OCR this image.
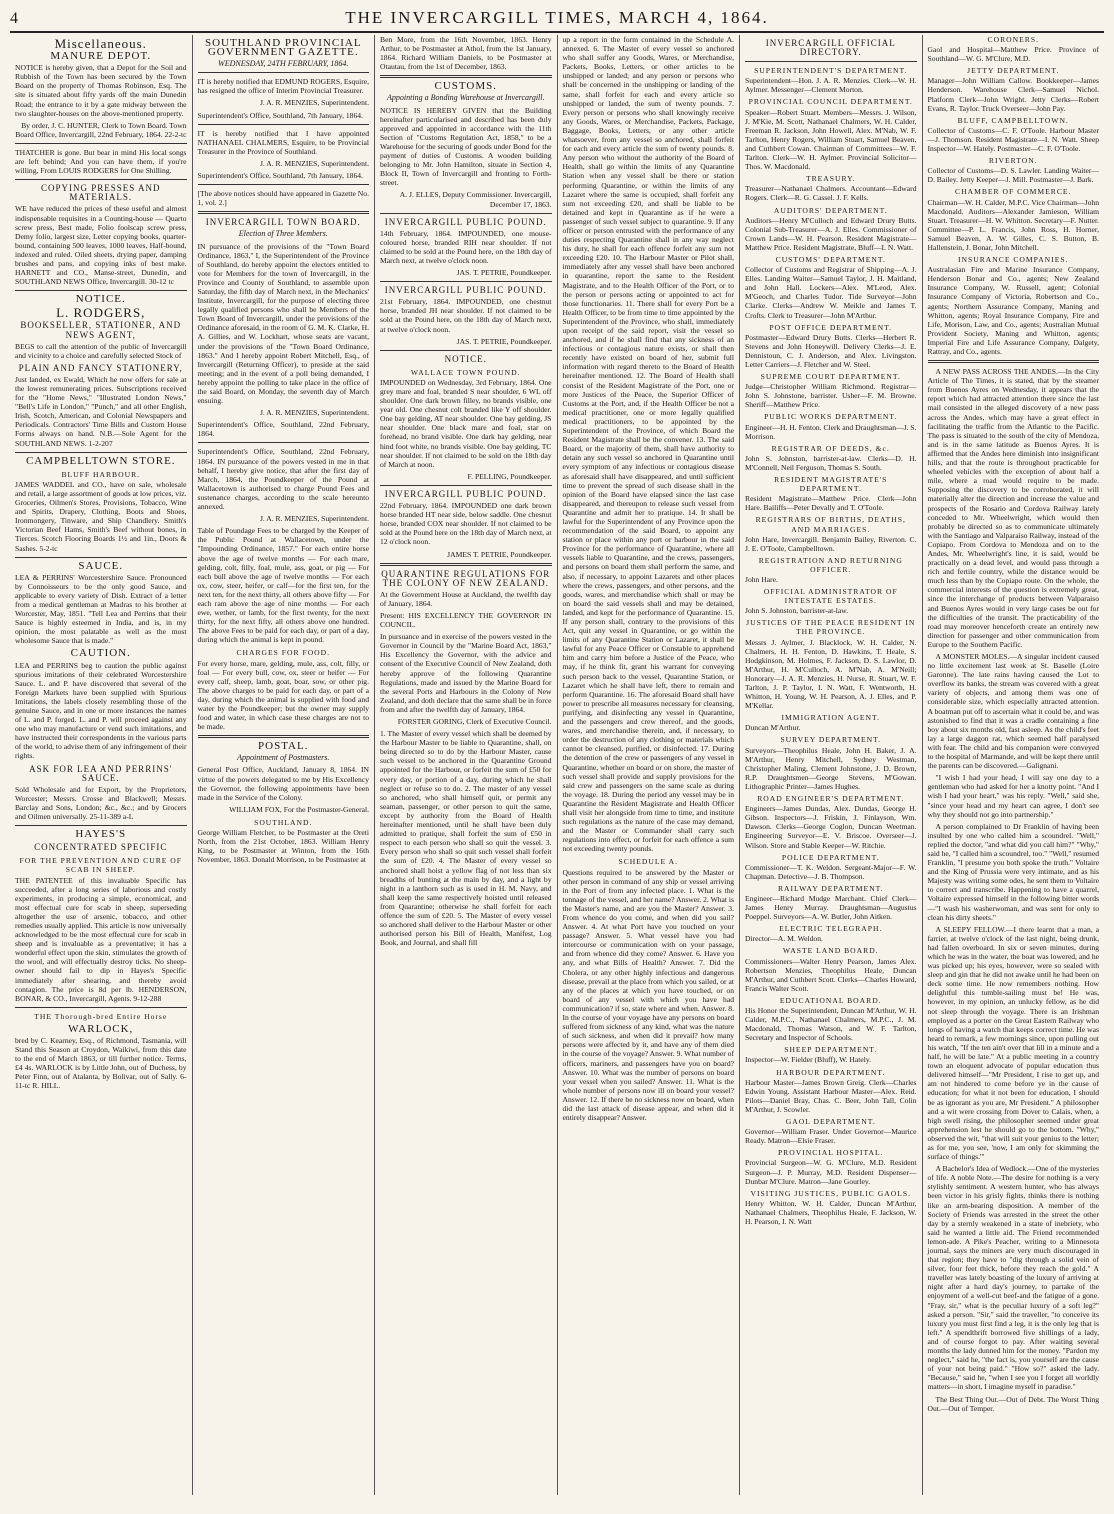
4	THE INVERCARGILL TIMES, MARCH 4, 1864.
Miscellaneous.
MANURE DEPOT.

NOTICE is hereby given, that a Depot for the Soil and Rubbish of the Town has been secured by the Town Board on the property of Thomas Robinson, Esq. The site is situated about fifty yards off the main Dunedin Road; the entrance to it by a gate midway between the two slaughter-houses on the above-mentioned property.

By order, J. C. HUNTER, Clerk to Town Board. Town Board Office, Invercargill, 22nd February, 1864. 22-2-tc

THATCHER is gone. But bear in mind His local songs are left behind; And you can have them, if you're willing, From LOUIS RODGERS for One Shilling.

COPYING PRESSES AND MATERIALS.

WE have reduced the prices of these useful and almost indispensable requisites in a Counting-house — Quarto screw press, Best made, Folio foolscap screw press, Demy folio, largest size, Letter copying books, quarter-bound, containing 500 leaves, 1000 leaves, Half-bound, indexed and ruled. Oiled sheets, drying paper, damping brushes and pans, and copying inks of best make. HARNETT and CO., Manse-street, Dunedin, and SOUTHLAND NEWS Office, Invercargill. 30-12 tc

NOTICE.
L. RODGERS,
BOOKSELLER, STATIONER, AND NEWS AGENT,

BEGS to call the attention of the public of Invercargill and vicinity to a choice and carefully selected Stock of

PLAIN AND FANCY STATIONERY,

Just landed, ex Ewald, Which he now offers for sale at the lowest remunerating prices. Subscriptions received for the "Home News," "Illustrated London News," "Bell's Life in London," "Punch," and all other English, Irish, Scotch, American, and Colonial Newspapers and Periodicals. Contractors' Time Bills and Custom House Forms always on hand. N.B.—Sole Agent for the SOUTHLAND NEWS. 1-2-207

CAMPBELLTOWN STORE.
BLUFF HARBOUR.

JAMES WADDEL and CO., have on sale, wholesale and retail, a large assortment of goods at low prices, viz. Groceries, Oilmen's Stores, Provisions, Tobacco, Wine and Spirits, Drapery, Clothing, Boots and Shoes, Ironmongery, Tinware, and Ship Chandlery. Smith's Victorian Beef Hams, Smith's Beef without bones, in Tierces. Scotch Flooring Boards 1½ and 1in., Doors & Sashes. 5-2-tc

SAUCE.

LEA & PERRINS' Worcestershire Sauce. Pronounced by Connoisseurs to be the only good Sauce, and applicable to every variety of Dish. Extract of a letter from a medical gentleman at Madras to his brother at Worcester, May, 1851. "Tell Lea and Perrins that their Sauce is highly esteemed in India, and is, in my opinion, the most palatable as well as the most wholesome Sauce that is made."

CAUTION.

LEA and PERRINS beg to caution the public against spurious imitations of their celebrated Worcestershire Sauce. L. and P. have discovered that several of the Foreign Markets have been supplied with Spurious Imitations, the labels closely resembling those of the genuine Sauce, and in one or more instances the names of L. and P. forged. L. and P. will proceed against any one who may manufacture or vend such imitations, and have instructed their correspondents in the various parts of the world, to advise them of any infringement of their rights.

ASK FOR LEA AND PERRINS' SAUCE.

Sold Wholesale and for Export, by the Proprietors, Worcester; Messrs. Crosse and Blackwell; Messrs. Barclay and Sons, London; &c., &c.; and by Grocers and Oilmen universally. 25-11-389 a-L

HAYES'S
CONCENTRATED SPECIFIC
FOR THE PREVENTION AND CURE OF SCAB IN SHEEP.

THE PATENTEE of this invaluable Specific has succeeded, after a long series of laborious and costly experiments, in producing a simple, economical, and most effectual cure for scab in sheep, superseding altogether the use of arsenic, tobacco, and other remedies usually applied. This article is now universally acknowledged to be the most effectual cure for scab in sheep and is invaluable as a preventative; it has a wonderful effect upon the skin, stimulates the growth of the wool, and will effectually destroy ticks. No sheep-owner should fail to dip in Hayes's Specific immediately after shearing, and thereby avoid contagion. The price is 8d per lb. HENDERSON, BONAR, & CO., Invercargill, Agents. 9-12-288

THE Thorough-bred Entire Horse
WARLOCK,

bred by C. Kearney, Esq., of Richmond, Tasmania, will Stand this Season at Croydon, Waikiwi, from this date to the end of March 1863, or till further notice. Terms, £4 4s. WARLOCK is by Little John, out of Duchess, by Peter Finn, out of Atalanta, by Bolivar, out of Sally. 6-11-tc R. HILL.

SOUTHLAND PROVINCIAL GOVERNMENT GAZETTE.
WEDNESDAY, 24TH FEBRUARY, 1864.

IT is hereby notified that EDMUND ROGERS, Esquire, has resigned the office of Interim Provincial Treasurer.

J. A. R. MENZIES, Superintendent.

Superintendent's Office, Southland, 7th January, 1864.

IT is hereby notified that I have appointed NATHANAEL CHALMERS, Esquire, to be Provincial Treasurer in the Province of Southland.

J. A. R. MENZIES, Superintendent.

Superintendent's Office, Southland, 7th January, 1864.

[The above notices should have appeared in Gazette No. 1, vol. 2.]

INVERCARGILL TOWN BOARD.
Election of Three Members.

IN pursuance of the provisions of the "Town Board Ordinance, 1863," I, the Superintendent of the Province of Southland, do hereby appoint the electors entitled to vote for Members for the town of Invercargill, in the Province and County of Southland, to assemble upon Saturday, the fifth day of March next, in the Mechanics' Institute, Invercargill, for the purpose of electing three legally qualified persons who shall be Members of the Town Board of Invercargill, under the provisions of the Ordinance aforesaid, in the room of G. M. K. Clarke, H. A. Gillies, and W. Lockhart, whose seats are vacant, under the provisions of the "Town Board Ordinance, 1863." And I hereby appoint Robert Mitchell, Esq., of Invercargill (Returning Officer), to preside at the said meeting; and in the event of a poll being demanded, I hereby appoint the polling to take place in the office of the said Board, on Monday, the seventh day of March ensuing.

J. A. R. MENZIES, Superintendent.

Superintendent's Office, Southland, 22nd February, 1864.

Superintendent's Office, Southland, 22nd February, 1864. IN pursuance of the powers vested in me in that behalf, I hereby give notice, that after the first day of March, 1864, the Poundkeeper of the Pound at Wallacetown is authorised to charge Pound Fees and sustenance charges, according to the scale hereunto annexed.

J. A. R. MENZIES, Superintendent.

Table of Poundage Fees to be charged by the Keeper of the Public Pound at Wallacetown, under the "Impounding Ordinance, 1857." For each entire horse above the age of twelve months — For each mare, gelding, colt, filly, foal, mule, ass, goat, or pig — For each bull above the age of twelve months — For each ox, cow, steer, heifer, or calf—for the first ten, for the next ten, for the next thirty, all others above fifty — For each ram above the age of nine months — For each ewe, wether, or lamb, for the first twenty, for the next thirty, for the next fifty, all others above one hundred. The above Fees to be paid for each day, or part of a day, during which the animal is kept in pound.

CHARGES FOR FOOD.

For every horse, mare, gelding, mule, ass, colt, filly, or foal — For every bull, cow, ox, steer or heifer — For every calf, sheep, lamb, goat, boar, sow, or other pig. The above charges to be paid for each day, or part of a day, during which the animal is supplied with food and water by the Poundkeeper; but the owner may supply food and water, in which case these charges are not to be made.

POSTAL.
Appointment of Postmasters.

General Post Office, Auckland, January 8, 1864. IN virtue of the powers delegated to me by His Excellency the Governor, the following appointments have been made in the Service of the Colony.

WILLIAM FOX, For the Postmaster-General.
SOUTHLAND.

George William Fletcher, to be Postmaster at the Oreti North, from the 21st October, 1863. William Henry King, to be Postmaster at Winton, from the 16th November, 1863. Donald Morrison, to be Postmaster at

Ben More, from the 16th November, 1863. Henry Arthur, to be Postmaster at Athol, from the 1st January, 1864. Richard William Daniels, to be Postmaster at Otautau, from the 1st of December, 1863.

CUSTOMS.
Appointing a Bonding Warehouse at Invercargill.

NOTICE IS HEREBY GIVEN that the Building hereinafter particularised and described has been duly approved and appointed in accordance with the 11th Section of "Customs Regulation Act, 1858," to be a Warehouse for the securing of goods under Bond for the payment of duties of Customs. A wooden building belonging to Mr. John Hamilton, situate in Section 4, Block II, Town of Invercargill and fronting to Forth-street.

A. J. ELLES, Deputy Commissioner. Invercargill, December 17, 1863.
INVERCARGILL PUBLIC POUND.

14th February, 1864. IMPOUNDED, one mouse-coloured horse, branded RIH near shoulder. If not claimed to be sold at the Pound here, on the 18th day of March next, at twelve o'clock noon.

JAS. T. PETRIE, Poundkeeper.
INVERCARGILL PUBLIC POUND.

21st February, 1864. IMPOUNDED, one chestnut horse, branded JH near shoulder. If not claimed to be sold at the Pound here, on the 18th day of March next, at twelve o'clock noon.

JAS. T. PETRIE, Poundkeeper.
NOTICE.
WALLACE TOWN POUND.

IMPOUNDED on Wednesday, 3rd February, 1864. One grey mare and foal, branded S near shoulder, 6 WL off shoulder. One dark brown filley, no brands visible, one year old. One chesnut colt branded like Y off shoulder. One bay gelding, AT near shoulder. One bay gelding, JS near shoulder. One black mare and foal, star on forehead, no brand visible. One dark bay gelding, near hind foot white, no brands visible. One bay gelding, TC near shoulder. If not claimed to be sold on the 18th day of March at noon.

F. PELLING, Poundkeeper.
INVERCARGILL PUBLIC POUND.

22nd February, 1864. IMPOUNDED one dark brown horse branded HT near side, below saddle. One chesnut horse, branded COX near shoulder. If not claimed to be sold at the Pound here on the 18th day of March next, at 12 o'clock noon.

JAMES T. PETRIE, Poundkeeper.
QUARANTINE REGULATIONS FOR THE COLONY OF NEW ZEALAND.

At the Government House at Auckland, the twelfth day of January, 1864.

Present: HIS EXCELLENCY THE GOVERNOR IN COUNCIL.

In pursuance and in exercise of the powers vested in the Governor in Council by the "Marine Board Act, 1863," His Excellency the Governor, with the advice and consent of the Executive Council of New Zealand, doth hereby approve of the following Quarantine Regulations, made and issued by the Marine Board for the several Ports and Harbours in the Colony of New Zealand, and doth declare that the same shall be in force from and after the twelfth day of January, 1864.

FORSTER GORING, Clerk of Executive Council.

1. The Master of every vessel which shall be deemed by the Harbour Master to be liable to Quarantine, shall, on being directed so to do by the Harbour Master, cause such vessel to be anchored in the Quarantine Ground appointed for the Harbour, or forfeit the sum of £50 for every day, or portion of a day, during which he shall neglect or refuse so to do. 2. The master of any vessel so anchored, who shall himself quit, or permit any seaman, passenger, or other person to quit the same, except by authority from the Board of Health hereinafter mentioned, until he shall have been duly admitted to pratique, shall forfeit the sum of £50 in respect to each person who shall so quit the vessel. 3. Every person who shall so quit such vessel shall forfeit the sum of £20. 4. The Master of every vessel so anchored shall hoist a yellow flag of not less than six breadths of bunting at the main by day, and a light by night in a lanthorn such as is used in H. M. Navy, and shall keep the same respectively hoisted until released from Quarantine; otherwise he shall forfeit for each offence the sum of £20. 5. The Master of every vessel so anchored shall deliver to the Harbour Master or other authorised person his Bill of Health, Manifest, Log Book, and Journal, and shall fill

up a report in the form contained in the Schedule A. annexed. 6. The Master of every vessel so anchored who shall suffer any Goods, Wares, or Merchandise, Packets, Books, Letters, or other articles to be unshipped or landed; and any person or persons who shall be concerned in the unshipping or landing of the same, shall forfeit for each and every article so unshipped or landed, the sum of twenty pounds. 7. Every person or persons who shall knowingly receive any Goods, Wares, or Merchandise, Packets, Package, Baggage, Books, Letters, or any other article whatsoever, from any vessel so anchored, shall forfeit for each and every article the sum of twenty pounds. 8. Any person who without the authority of the Board of Health, shall go within the limits of any Quarantine Station when any vessel shall be there or station performing Quarantine, or within the limits of any Lazaret where the same is occupied, shall forfeit any sum not exceeding £20, and shall be liable to be detained and kept in Quarantine as if he were a passenger of such vessel subject to quarantine. 9. If any officer or person entrusted with the performance of any duties respecting Quarantine shall in any way neglect his duty, he shall for each offence forfeit any sum not exceeding £20. 10. The Harbour Master or Pilot shall, immediately after any vessel shall have been anchored in quarantine, report the same to the Resident Magistrate, and to the Health Officer of the Port, or to the person or persons acting or appointed to act for those functionaries. 11. There shall for every Port be a Health Officer, to be from time to time appointed by the Superintendent of the Province, who shall, immediately upon receipt of the said report, visit the vessel so anchored, and if he shall find that any sickness of an infectious or contagious nature exists, or shall then recently have existed on board of her, submit full information with regard thereto to the Board of Health hereinafter mentioned. 12. The Board of Health shall consist of the Resident Magistrate of the Port, one or more Justices of the Peace, the Superior Officer of Customs at the Port, and, if the Health Officer be not a medical practitioner, one or more legally qualified medical practitioners, to be appointed by the Superintendent of the Province, of which Board the Resident Magistrate shall be the convener. 13. The said Board, or the majority of them, shall have authority to detain any such vessel so anchored in Quarantine until every symptom of any infectious or contagious disease as aforesaid shall have disappeared, and until sufficient time to prevent the spread of such disease shall in the opinion of the Board have elapsed since the last case disappeared, and thereupon to release such vessel from Quarantine and admit her to pratique. 14. It shall be lawful for the Superintendent of any Province upon the recommendation of the said Board, to appoint any station or place within any port or harbour in the said Province for the performance of Quarantine, where all vessels liable to Quarantine, and the crews, passengers, and persons on board them shall perform the same, and also, if necessary, to appoint Lazarets and other places where the crews, passengers, and other persons, and the goods, wares, and merchandise which shall or may be on board the said vessels shall and may be detained, landed, and kept for the performance of Quarantine. 15. If any person shall, contrary to the provisions of this Act, quit any vessel in Quarantine, or go within the limits of any Quarantine Station or Lazaret, it shall be lawful for any Peace Officer or Constable to apprehend him and carry him before a Justice of the Peace, who may, if he think fit, grant his warrant for conveying such person back to the vessel, Quarantine Station, or Lazaret which he shall have left, there to remain and perform Quarantine. 16. The aforesaid Board shall have power to prescribe all measures necessary for cleansing, purifying, and disinfecting any vessel in Quarantine, and the passengers and crew thereof, and the goods, wares, and merchandise therein, and, if necessary, to order the destruction of any clothing or materials which cannot be cleansed, purified, or disinfected. 17. During the detention of the crew or passengers of any vessel in Quarantine, whether on board or on shore, the master of such vessel shall provide and supply provisions for the said crew and passengers on the same scale as during the voyage. 18. During the period any vessel may be in Quarantine the Resident Magistrate and Health Officer shall visit her alongside from time to time, and institute such regulations as the nature of the case may demand, and the Master or Commander shall carry such regulations into effect, or forfeit for each offence a sum not exceeding twenty pounds.

SCHEDULE A.

Questions required to be answered by the Master or other person in command of any ship or vessel arriving in the Port of from any infected place. 1. What is the tonnage of the vessel, and her name? Answer. 2. What is the Master's name, and are you the Master? Answer. 3. From whence do you come, and when did you sail? Answer. 4. At what Port have you touched on your passage? Answer. 5. What vessel have you had intercourse or communication with on your passage, and from whence did they come? Answer. 6. Have you any, and what Bills of Health? Answer. 7. Did the Cholera, or any other highly infectious and dangerous disease, prevail at the place from which you sailed, or at any of the places at which you have touched, or on board of any vessel with which you have had communication? if so, state where and when. Answer. 8. In the course of your voyage have any persons on board suffered from sickness of any kind, what was the nature of such sickness, and when did it prevail? how many persons were affected by it, and have any of them died in the course of the voyage? Answer. 9. What number of officers, mariners, and passengers have you on board? Answer. 10. What was the number of persons on board your vessel when you sailed? Answer. 11. What is the whole number of persons now ill on board your vessel? Answer. 12. If there be no sickness now on board, when did the last attack of disease appear, and when did it entirely disappear? Answer.

INVERCARGILL OFFICIAL DIRECTORY.
SUPERINTENDENT'S DEPARTMENT.

Superintendent—Hon. J. A. R. Menzies. Clerk—W. H. Aylmer. Messenger—Clement Morton.

PROVINCIAL COUNCIL DEPARTMENT.

Speaker—Robert Stuart. Members—Messrs. J. Wilson, J. M'Kie, M. Scott, Nathanael Chalmers, W. H. Calder, Freeman R. Jackson, John Howell, Alex. M'Nab, W. F. Tarlton, Henry Rogers, William Stuart, Samuel Beaven, and Cuthbert Cowan. Chairman of Committees—W. F. Tarlton. Clerk—W. H. Aylmer. Provincial Solicitor—Thos. W. Macdonald.

TREASURY.

Treasurer—Nathanael Chalmers. Accountant—Edward Rogers. Clerk—R. G. Cassel. J. F. Kells.

AUDITORS' DEPARTMENT.

Auditors—Henry M'Culloch and Edward Drury Butts. Colonial Sub-Treasurer—A. J. Elles. Commissioner of Crown Lands—W. H. Pearson. Resident Magistrate—Matthew Price. Resident Magistrate, Bluff—I. N. Watt.

CUSTOMS' DEPARTMENT.

Collector of Customs and Registrar of Shipping—A. J. Elles. Landing Waiter—Samuel Taylor, J. H. Maitland, and John Hall. Lockers—Alex. M'Leod, Alex. M'Geoch, and Charles Tudor. Tide Surveyor—John Clarke. Clerks—Andrew W. Meikle and James T. Crofts. Clerk to Treasurer—John M'Arthur.

POST OFFICE DEPARTMENT.

Postmaster—Edward Drury Butts. Clerks—Herbert R. Stevens and John Honeywill. Delivery Clerks—J. E. Dennistoun, C. J. Anderson, and Alex. Livingston. Letter Carriers—J. Fletcher and W. Steel.

SUPREME COURT DEPARTMENT.

Judge—Christopher William Richmond. Registrar—John S. Johnstone, barrister. Usher—F. M. Browne. Sheriff—Matthew Price.

PUBLIC WORKS DEPARTMENT.

Engineer—H. H. Fenton. Clerk and Draughtsman—J. S. Morrison.

REGISTRAR OF DEEDS, &c.

John S. Johnston, barrister-at-law. Clerks—D. H. M'Connell, Neil Ferguson, Thomas S. South.

RESIDENT MAGISTRATE'S DEPARTMENT.

Resident Magistrate—Matthew Price. Clerk—John Hare. Bailiffs—Peter Devally and T. O'Toole.

REGISTRARS OF BIRTHS, DEATHS, AND MARRIAGES.

John Hare, Invercargill. Benjamin Bailey, Riverton. C. J. E. O'Toole, Campbelltown.

REGISTRATION AND RETURNING OFFICER.

John Hare.

OFFICIAL ADMINISTRATOR OF INTESTATE ESTATES.

John S. Johnston, barrister-at-law.

JUSTICES OF THE PEACE RESIDENT IN THE PROVINCE.

Messrs J. Aylmer, J. Blacklock, W. H. Calder, N. Chalmers, H. H. Fenton, D. Hawkins, T. Heale, S. Hodgkinson, M. Holmes, F. Jackson, D. S. Lawlor, D. M'Arthur, H. M'Culloch, A. M'Nab, A. M'Neill; Honorary—J. A. R. Menzies, H. Nurse, R. Stuart, W. F. Tarlton, J. P. Taylor, I. N. Watt, F. Wentworth, H. Whitton, H. Young, W. H. Pearson, A. J. Elles, and P. M'Kellar.

IMMIGRATION AGENT.

Duncan M'Arthur.

SURVEY DEPARTMENT.

Surveyors—Theophilus Heale, John H. Baker, J. A. M'Arthur, Henry Mitchell, Sydney Westman, Christopher Maling, Clement Johnstone, J. D. Brown, R.P. Draughtsmen—George Stevens, M'Gowan. Lithographic Printer—James Hughes.

ROAD ENGINEER'S DEPARTMENT.

Engineers—James Dundas, Alex. Dundas, George H. Gibson. Inspectors—J. Friskin, J. Finlayson, Wm. Dawson. Clerks—George Coglon, Duncan Weetman. Engineering Surveyor—E. V. Briscoe. Overseer—J. Wilson. Store and Stable Keeper—W. Ritchie.

POLICE DEPARTMENT.

Commissioner—T. K. Weldon. Sergeant-Major—F. W. Chapman. Detective—J. B. Thompson.

RAILWAY DEPARTMENT.

Engineer—Richard Mudge Marchant. Chief Clerk—James Henry Murray. Draughtsman—Augustus Poeppel. Surveyors—A. W. Butler, John Aitken.

ELECTRIC TELEGRAPH.

Director—A. M. Weldon.

WASTE LAND BOARD.

Commissioners—Walter Henry Pearson, James Alex. Robertson Menzies, Theophilus Heale, Duncan M'Arthur, and Cuthbert Scott. Clerks—Charles Howard, Francis Walter Scott.

EDUCATIONAL BOARD.

His Honor the Superintendent, Duncan M'Arthur, W. H. Calder, M.P.C., Nathanael Chalmers, M.P.C., J. M. Macdonald, Thomas Watson, and W. F. Tarlton, Secretary and Inspector of Schools.

SHEEP DEPARTMENT.

Inspector—W. Fielder (Bluff), W. Hately.

HARBOUR DEPARTMENT.

Harbour Master—James Brown Greig. Clerk—Charles Edwin Young. Assistant Harbour Master—Alex. Reid. Pilots—Daniel Bray, Chas. C. Beer, John Tall, Colin M'Arthur, J. Scowler.

GAOL DEPARTMENT.

Governor—William Fraser. Under Governor—Maurice Ready. Matron—Elsie Fraser.

PROVINCIAL HOSPITAL.

Provincial Surgeon—W. G. M'Clure, M.D. Resident Surgeon—J. P. Murray, M.D. Resident Dispenser—Dunbar M'Clure. Matron—Jane Gourley.

VISITING JUSTICES, PUBLIC GAOLS.

Henry Whitton, W. H. Calder, Duncan M'Arthur, Nathanael Chalmers, Theophilus Heale, F. Jackson, W. H. Pearson, I. N. Watt

CORONERS.

Gaol and Hospital—Matthew Price. Province of Southland—W. G. M'Clure, M.D.

JETTY DEPARTMENT.

Manager—John William Callow. Bookkeeper—James Henderson. Warehouse Clerk—Samuel Nichol. Platform Clerk—John Wright. Jetty Clerks—Robert Evans, R. Taylor. Truck Overseer—John Pay.

BLUFF, CAMPBELLTOWN.

Collector of Customs—C. F. O'Toole. Harbour Master—J. Thomson. Resident Magistrate—I. N. Watt. Sheep Inspector—W. Hately. Postmaster—C. F. O'Toole.

RIVERTON.

Collector of Customs—D. S. Lawler. Landing Waiter—D. Bailey. Jetty Keeper—J. Mill. Postmaster—J. Bark.

CHAMBER OF COMMERCE.

Chairman—W. H. Calder, M.P.C. Vice Chairman—John Macdonald. Auditors—Alexander Jamieson, William Stuart. Treasurer—H. W. Whitton. Secretary—F. Nutter. Committee—P. L. Francis, John Ross, H. Horner, Samuel Beaven, A. W. Gilles, C. S. Button, B. Hallenstein, J. Bonar, John Mitchell.

INSURANCE COMPANIES.

Australasian Fire and Marine Insurance Company, Henderson Bonar and Co., agents; New Zealand Insurance Company, W. Russell, agent; Colonial Insurance Company of Victoria, Robertson and Co., agents; Northern Assurance Company, Maning and Whitton, agents; Royal Insurance Company, Fire and Life, Morison, Law, and Co., agents; Australian Mutual Provident Society, Maning and Whitton, agents; Imperial Fire and Life Assurance Company, Dalgety, Rattray, and Co., agents.

A NEW PASS ACROSS THE ANDES.—In the City Article of The Times, it is stated, that by the steamer from Buenos Ayres on Wednesday, it appears that the report which had attracted attention there since the last mail consisted in the alleged discovery of a new pass across the Andes, which may have a great effect in facilitating the traffic from the Atlantic to the Pacific. The pass is situated to the south of the city of Mendoza, and is in the same latitude as Buenos Ayres. It is affirmed that the Andes here diminish into insignificant hills, and that the route is throughout practicable for wheeled vehicles with the exception of about half a mile, where a road would require to be made. Supposing the discovery to be corroborated, it will materially alter the direction and increase the value and prospects of the Rosario and Cordova Railway lately conceded to Mr. Wheelwright, which would then probably be directed so as to communicate ultimately with the Santiago and Valparaiso Railway, instead of the Copiapo. From Cordova to Mendoza and on to the Andes, Mr. Wheelwright's line, it is said, would be practically on a dead level, and would pass through a rich and fertile country, while the distance would be much less than by the Copiapo route. On the whole, the commercial interests of the question is extremely great, since the interchange of products between Valparaiso and Buenos Ayres would in very large cases be out for the difficulties of the transit. The practicability of the road may moreover henceforth create an entirely new direction for passenger and other communication from Europe to the Southern Pacific.

A MONSTER MOLES.—A singular incident caused no little excitement last week at St. Baselle (Loire Garonne). The late rains having caused the Lot to overflow its banks, the stream was covered with a great variety of objects, and among them was one of considerable size, which especially attracted attention. A boatman put off to ascertain what it could be, and was astonished to find that it was a cradle containing a fine boy about six months old, fast asleep. As the child's feet lay a large daggon rat, which seemed half paralysed with fear. The child and his companion were conveyed to the hospital of Marmande, and will be kept there until the parents can be discovered.—Galignani.

"I wish I had your head, I will say one day to a gentleman who had asked for her a knotty point. "And I wish I had your heart," was his reply. "Well," said she, "since your head and my heart can agree, I don't see why they should not go into partnership."

A person complained to Dr Franklin of having been insulted by one who called him a scoundrel. "Well," replied the doctor, "and what did you call him?" "Why," said he, "I called him a scoundrel, too." "Well," resumed Franklin, "I presume you both spoke the truth." Voltaire and the King of Prussia were very intimate, and as his Majesty was writing some odes, he sent them to Voltaire to correct and transcribe. Happening to have a quarrel, Voltaire expressed himself in the following bitter words—"I wash his washerwoman, and was sent for only to clean his dirty sheets."

A SLEEPY FELLOW.—I there learnt that a man, a farrier, at twelve o'clock of the last night, being drunk, had fallen overboard. In six or seven minutes, during which he was in the water, the boat was lowered, and he was picked up; his eyes, however, were so sealed with sleep and gin that he did not awake until he had been on deck some time. He now remembers nothing. How delightful this tumble-sailing must be! He was, however, in my opinion, an unlucky fellow, as he did not sleep through the voyage. There is an Irishman employed as a porter on the Great Eastern Railway who longs of having a watch that keeps correct time. He was heard to remark, a few mornings since, upon pulling out his watch, "If the ten ain't over that lill in a minute and a half, he will be late." At a public meeting in a country town an eloquent advocate of popular education thus delivered himself—"Mr President, I rise to get up, and am not hindered to come before ye in the cause of education; for what it not been for education, I should be as ignorant as you are, Mr President." A philosopher and a wit were crossing from Dover to Calais, when, a high swell rising, the philosopher seemed under great apprehension lest he should go to the bottom. "Why," observed the wit, "that will suit your genius to the letter; as for me, you see, 'now, I am only for skimming the surface of things.'"

A Bachelor's Idea of Wedlock.—One of the mysteries of life. A noble Note.—The desire for nothing is a very stylishly sentiment. A western hunter, who has always been victor in his grisly fights, thinks there is nothing like an arm-bearing disposition. A member of the Society of Friends was arrested in the street the other day by a sternly weakened in a state of inebriety, who said he wanted a little aid. The Friend recommended lemon-ade. A Pike's Peacher, writing to a Minnesota journal, says the miners are very much discouraged in that region; they have to "dig through a solid vein of silver, four feet thick, before they reach the gold." A traveller was lately boasting of the luxury of arriving at night after a hard day's journey, to partake of the enjoyment of a well-cut beef-and the fatigue of a gone. "Fray, sir," what is the peculiar luxury of a soft leg?" asked a person. "Sir," said the traveller, "to conceive its luxury you must first find a leg, it is the only leg that is left." A spendthrift borrowed five shillings of a lady, and of course forgot to pay. After waiting several months the lady dunned him for the money. "Pardon my neglect," said he, "the fact is, you yourself are the cause of your not being paid." "How so?" asked the lady. "Because," said he, "when I see you I forget all worldly matters—in short, I imagine myself in paradise."

The Best Thing Out.—Out of Debt. The Worst Thing Out.—Out of Temper.
